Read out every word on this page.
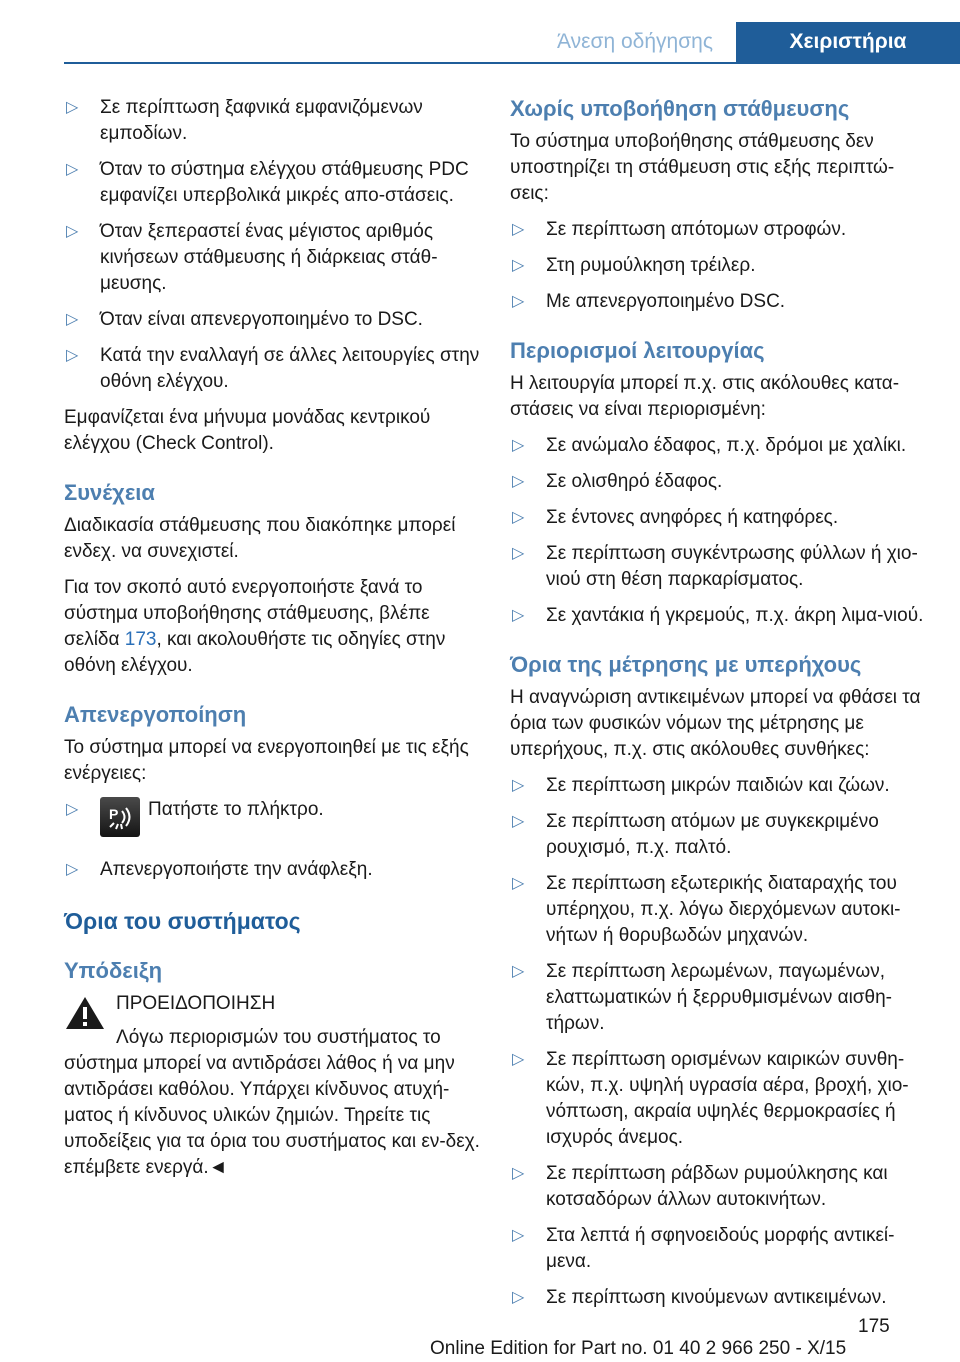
Άνεση οδήγησης	Χειριστήρια
▷ Σε περίπτωση ξαφνικά εμφανιζόμενων εμποδίων.
▷ Όταν το σύστημα ελέγχου στάθμευσης PDC εμφανίζει υπερβολικά μικρές απο-στάσεις.
▷ Όταν ξεπεραστεί ένας μέγιστος αριθμός κινήσεων στάθμευσης ή διάρκειας στάθ-μευσης.
▷ Όταν είναι απενεργοποιημένο το DSC.
▷ Κατά την εναλλαγή σε άλλες λειτουργίες στην οθόνη ελέγχου.

Εμφανίζεται ένα μήνυμα μονάδας κεντρικού ελέγχου (Check Control).

Συνέχεια

Διαδικασία στάθμευσης που διακόπηκε μπορεί ενδεχ. να συνεχιστεί.

Για τον σκοπό αυτό ενεργοποιήστε ξανά το σύστημα υποβοήθησης στάθμευσης, βλέπε σελίδα 173, και ακολουθήστε τις οδηγίες στην οθόνη ελέγχου.

Απενεργοποίηση

Το σύστημα μπορεί να ενεργοποιηθεί με τις εξής ενέργειες:

▷ P Πατήστε το πλήκτρο.
▷ Απενεργοποιήστε την ανάφλεξη.
Όρια του συστήματος
Υπόδειξη

ΠΡΟΕΙΔΟΠΟΙΗΣΗ

Λόγω περιορισμών του συστήματος το σύστημα μπορεί να αντιδράσει λάθος ή να μην αντιδράσει καθόλου. Υπάρχει κίνδυνος ατυχή-ματος ή κίνδυνος υλικών ζημιών. Τηρείτε τις υποδείξεις για τα όρια του συστήματος και εν-δεχ. επέμβετε ενεργά.◄

Χωρίς υποβοήθηση στάθμευσης

Το σύστημα υποβοήθησης στάθμευσης δεν υποστηρίζει τη στάθμευση στις εξής περιπτώ-σεις:

▷ Σε περίπτωση απότομων στροφών.
▷ Στη ρυμούλκηση τρέιλερ.
▷ Με απενεργοποιημένο DSC.
Περιορισμοί λειτουργίας

Η λειτουργία μπορεί π.χ. στις ακόλουθες κατα-στάσεις να είναι περιορισμένη:

▷ Σε ανώμαλο έδαφος, π.χ. δρόμοι με χαλίκι.
▷ Σε ολισθηρό έδαφος.
▷ Σε έντονες ανηφόρες ή κατηφόρες.
▷ Σε περίπτωση συγκέντρωσης φύλλων ή χιο-νιού στη θέση παρκαρίσματος.
▷ Σε χαντάκια ή γκρεμούς, π.χ. άκρη λιμα-νιού.
Όρια της μέτρησης με υπερήχους

Η αναγνώριση αντικειμένων μπορεί να φθάσει τα όρια των φυσικών νόμων της μέτρησης με υπερήχους, π.χ. στις ακόλουθες συνθήκες:

▷ Σε περίπτωση μικρών παιδιών και ζώων.
▷ Σε περίπτωση ατόμων με συγκεκριμένο ρουχισμό, π.χ. παλτό.
▷ Σε περίπτωση εξωτερικής διαταραχής του υπέρηχου, π.χ. λόγω διερχόμενων αυτοκι-νήτων ή θορυβωδών μηχανών.
▷ Σε περίπτωση λερωμένων, παγωμένων, ελαττωματικών ή ξερρυθμισμένων αισθη-τήρων.
▷ Σε περίπτωση ορισμένων καιρικών συνθη-κών, π.χ. υψηλή υγρασία αέρα, βροχή, χιο-νόπτωση, ακραία υψηλές θερμοκρασίες ή ισχυρός άνεμος.
▷ Σε περίπτωση ράβδων ρυμούλκησης και κοτσαδόρων άλλων αυτοκινήτων.
▷ Στα λεπτά ή σφηνοειδούς μορφής αντικεί-μενα.
▷ Σε περίπτωση κινούμενων αντικειμένων.
175
Online Edition for Part no. 01 40 2 966 250 - X/15
